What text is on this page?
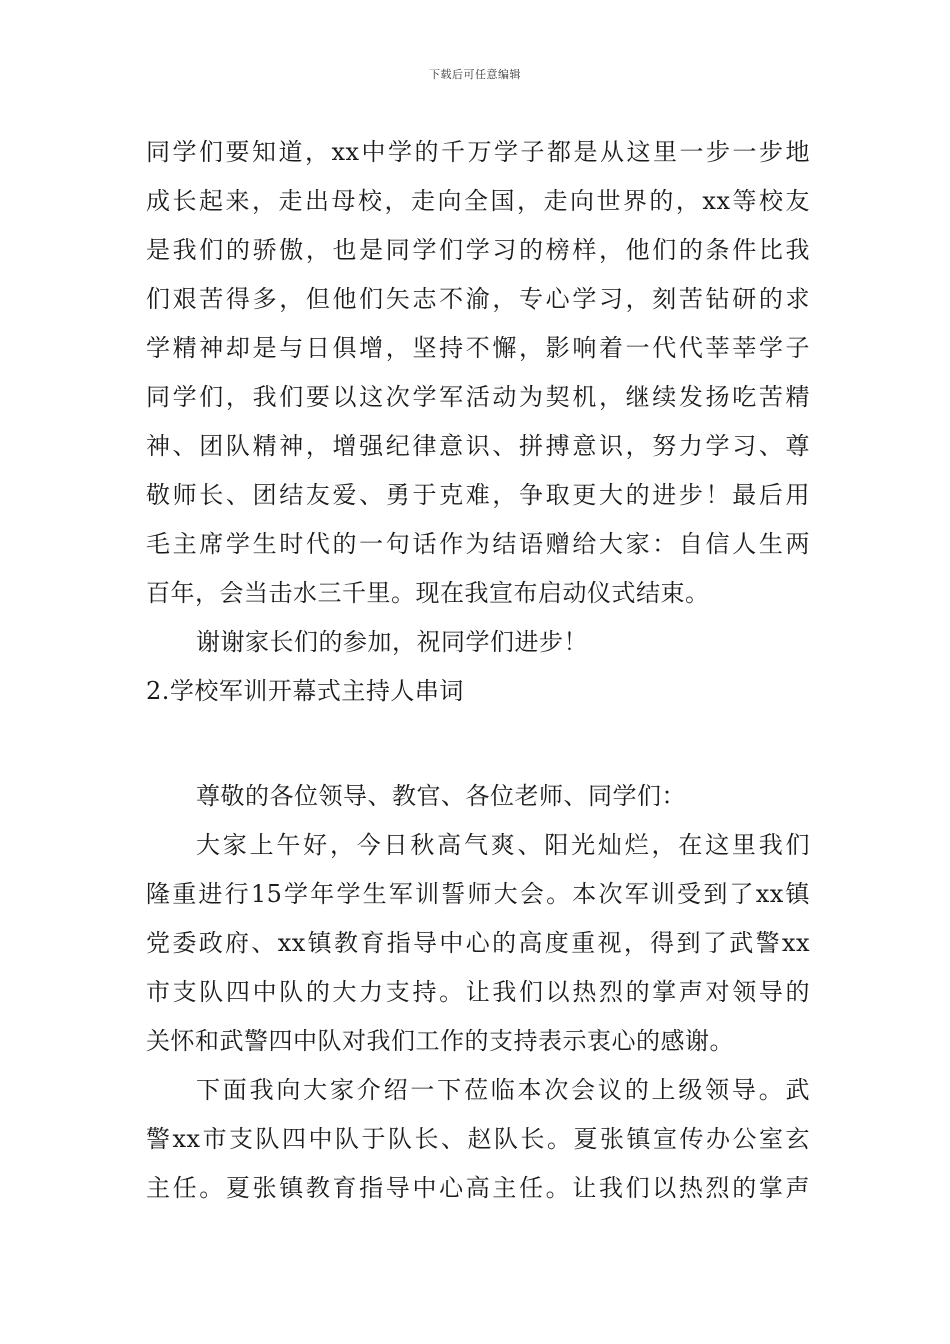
下载后可任意编辑
同学们要知道，xx中学的千万学子都是从这里一步一步地
成长起来，走出母校，走向全国，走向世界的，xx等校友
是我们的骄傲，也是同学们学习的榜样，他们的条件比我
们艰苦得多，但他们矢志不渝，专心学习，刻苦钻研的求
学精神却是与日俱增，坚持不懈，影响着一代代莘莘学子
同学们，我们要以这次学军活动为契机，继续发扬吃苦精
神、团队精神，增强纪律意识、拼搏意识，努力学习、尊
敬师长、团结友爱、勇于克难，争取更大的进步！最后用
毛主席学生时代的一句话作为结语赠给大家：自信人生两
百年，会当击水三千里。现在我宣布启动仪式结束。
谢谢家长们的参加，祝同学们进步！
2.学校军训开幕式主持人串词
尊敬的各位领导、教官、各位老师、同学们：
大家上午好，今日秋高气爽、阳光灿烂，在这里我们
隆重进行15学年学生军训誓师大会。本次军训受到了xx镇
党委政府、xx镇教育指导中心的高度重视，得到了武警xx
市支队四中队的大力支持。让我们以热烈的掌声对领导的
关怀和武警四中队对我们工作的支持表示衷心的感谢。
下面我向大家介绍一下莅临本次会议的上级领导。武
警xx市支队四中队于队长、赵队长。夏张镇宣传办公室玄
主任。夏张镇教育指导中心高主任。让我们以热烈的掌声
